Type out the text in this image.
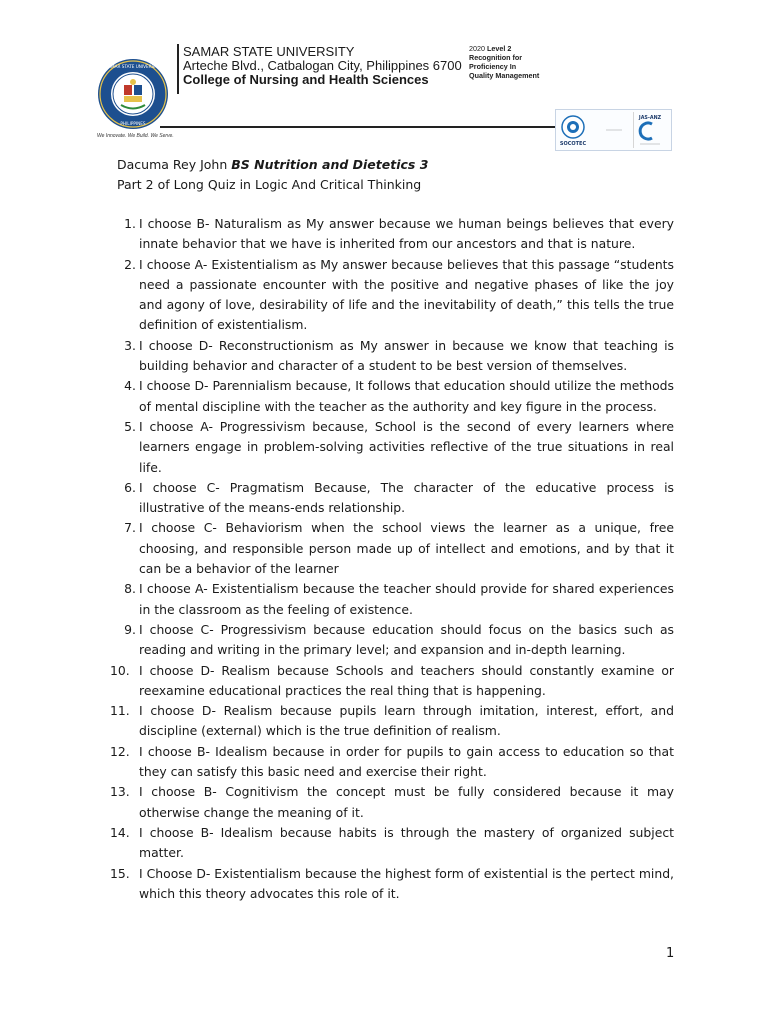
SAMAR STATE UNIVERSITY
PHILIPPINES
We Innovate. We Build. We Serve.
SAMAR STATE UNIVERSITY
Arteche Blvd., Catbalogan City, Philippines 6700
College of Nursing and Health Sciences
2020 Level 2
Recognition for
Proficiency In
Quality Management
SOCOTEC
JAS-ANZ
Dacuma Rey John BS Nutrition and Dietetics 3
Part 2 of Long Quiz in Logic And Critical Thinking
1. I choose B- Naturalism as My answer because we human beings believes that every innate behavior that we have is inherited from our ancestors and that is nature.
2. I choose A- Existentialism as My answer because believes that this passage “students need a passionate encounter with the positive and negative phases of like the joy and agony of love, desirability of life and the inevitability of death,” this tells the true definition of existentialism.
3. I choose D- Reconstructionism as My answer in because we know that teaching is building behavior and character of a student to be best version of themselves.
4. I choose D- Parennialism because, It follows that education should utilize the methods of mental discipline with the teacher as the authority and key figure in the process.
5. I choose A- Progressivism because, School is the second of every learners where learners engage in problem-solving activities reflective of the true situations in real life.
6. I choose C- Pragmatism Because, The character of the educative process is illustrative of the means-ends relationship.
7. I choose C- Behaviorism when the school views the learner as a unique, free choosing, and responsible person made up of intellect and emotions, and by that it can be a behavior of the learner
8. I choose A- Existentialism because the teacher should provide for shared experiences in the classroom as the feeling of existence.
9. I choose C- Progressivism because education should focus on the basics such as reading and writing in the primary level; and expansion and in-depth learning.
10. I choose D- Realism because Schools and teachers should constantly examine or reexamine educational practices the real thing that is happening.
11. I choose D- Realism because pupils learn through imitation, interest, effort, and discipline (external) which is the true definition of realism.
12. I choose B- Idealism because in order for pupils to gain access to education so that they can satisfy this basic need and exercise their right.
13. I choose B- Cognitivism the concept must be fully considered because it may otherwise change the meaning of it.
14. I choose B- Idealism because habits is through the mastery of organized subject matter.
15. I Choose D- Existentialism because the highest form of existential is the pertect mind, which this theory advocates this role of it.
1
